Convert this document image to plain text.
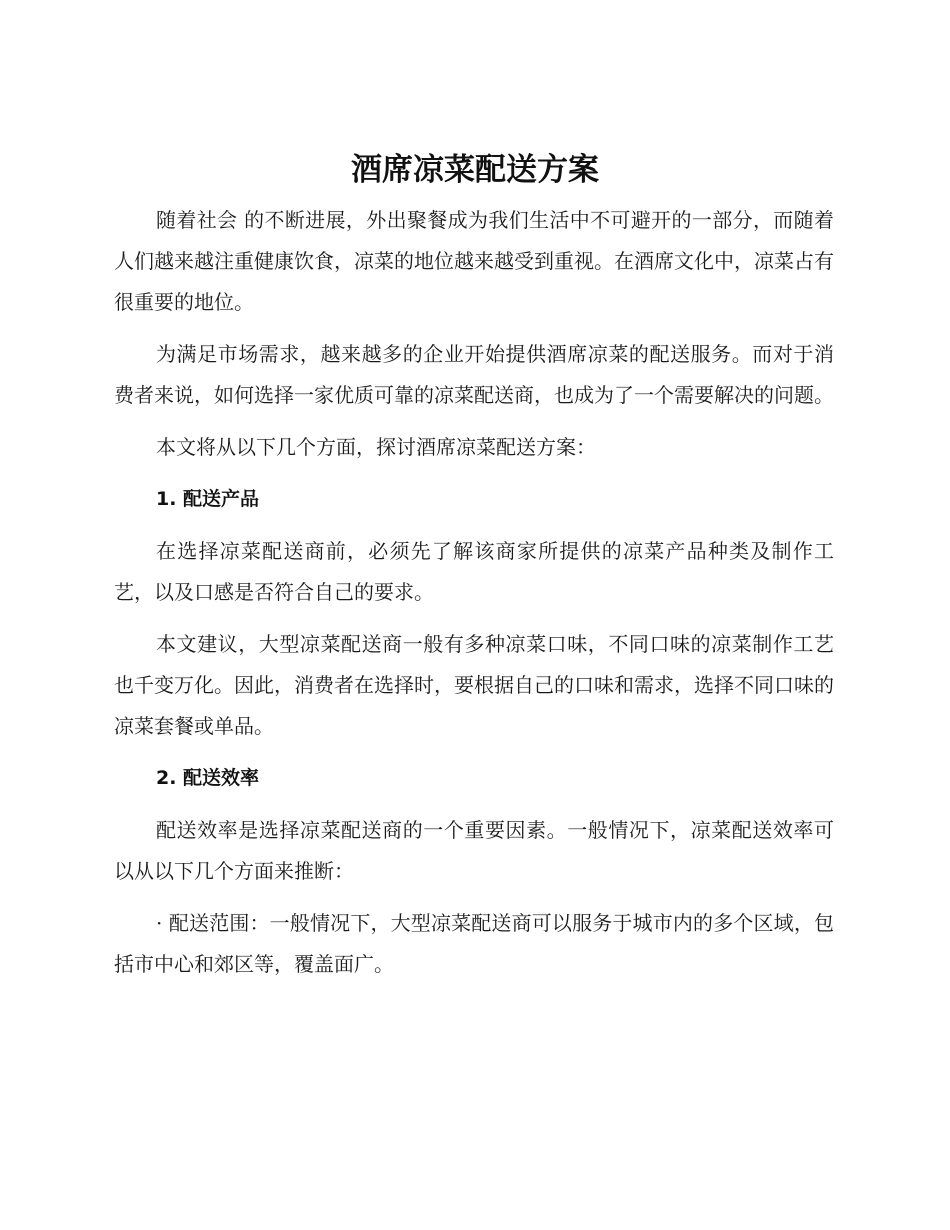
酒席凉菜配送方案

随着社会 的不断进展，外出聚餐成为我们生活中不可避开的一部分，而随着人们越来越注重健康饮食，凉菜的地位越来越受到重视。在酒席文化中，凉菜占有很重要的地位。

为满足市场需求，越来越多的企业开始提供酒席凉菜的配送服务。而对于消费者来说，如何选择一家优质可靠的凉菜配送商，也成为了一个需要解决的问题。

本文将从以下几个方面，探讨酒席凉菜配送方案：

1. 配送产品

在选择凉菜配送商前，必须先了解该商家所提供的凉菜产品种类及制作工艺，以及口感是否符合自己的要求。

本文建议，大型凉菜配送商一般有多种凉菜口味，不同口味的凉菜制作工艺也千变万化。因此，消费者在选择时，要根据自己的口味和需求，选择不同口味的凉菜套餐或单品。

2. 配送效率

配送效率是选择凉菜配送商的一个重要因素。一般情况下，凉菜配送效率可以从以下几个方面来推断：

· 配送范围：一般情况下，大型凉菜配送商可以服务于城市内的多个区域，包括市中心和郊区等，覆盖面广。
